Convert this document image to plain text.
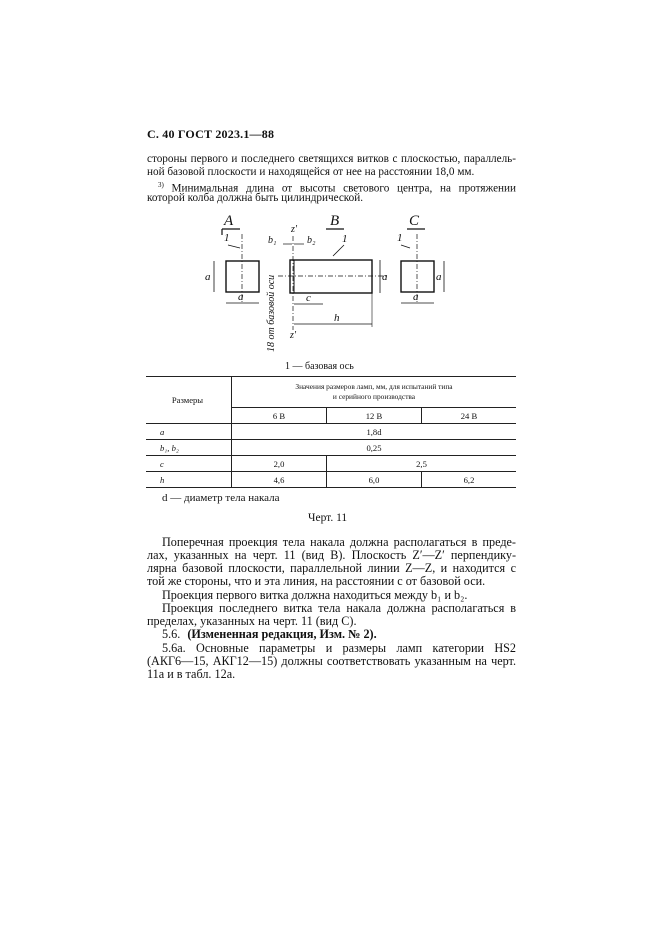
С. 40 ГОСТ 2023.1—88
стороны первого и последнего светящихся витков с плоскостью, параллель-
ной базовой плоскости и находящейся от нее на расстоянии 18,0 мм.
$^{3)}$ Минимальная длина от высоты светового центра, на протяжении
которой колба должна быть цилиндрической.
A
1
a
a
z'
b₁	b₂
B
1
a
c
h
z'
18 от базовой оси
C
1
a
a
1 — базовая ось
Размеры	Значения размеров ламп, мм, для испытаний типа
и серийного производства		

	6 В	12 В	24 В
a	1,8d		
b₁, b₂	0,25		
c	2,0	2,5	
h	4,6	6,0	6,2
d — диаметр тела накала
Черт. 11
Поперечная проекция тела накала должна располагаться в преде-
лах, указанных на черт. 11 (вид B). Плоскость Z′—Z′ перпендику-
лярна базовой плоскости, параллельной линии Z—Z, и находится с
той же стороны, что и эта линия, на расстоянии c от базовой оси.
Проекция первого витка должна находиться между b₁ и b₂.
Проекция последнего витка тела накала должна располагаться в
пределах, указанных на черт. 11 (вид C).
5.6. (Измененная редакция, Изм. № 2).
5.6а. Основные параметры и размеры ламп категории HS2
(АКГ6—15, АКГ12—15) должны соответствовать указанным на черт.
11а и в табл. 12а.
